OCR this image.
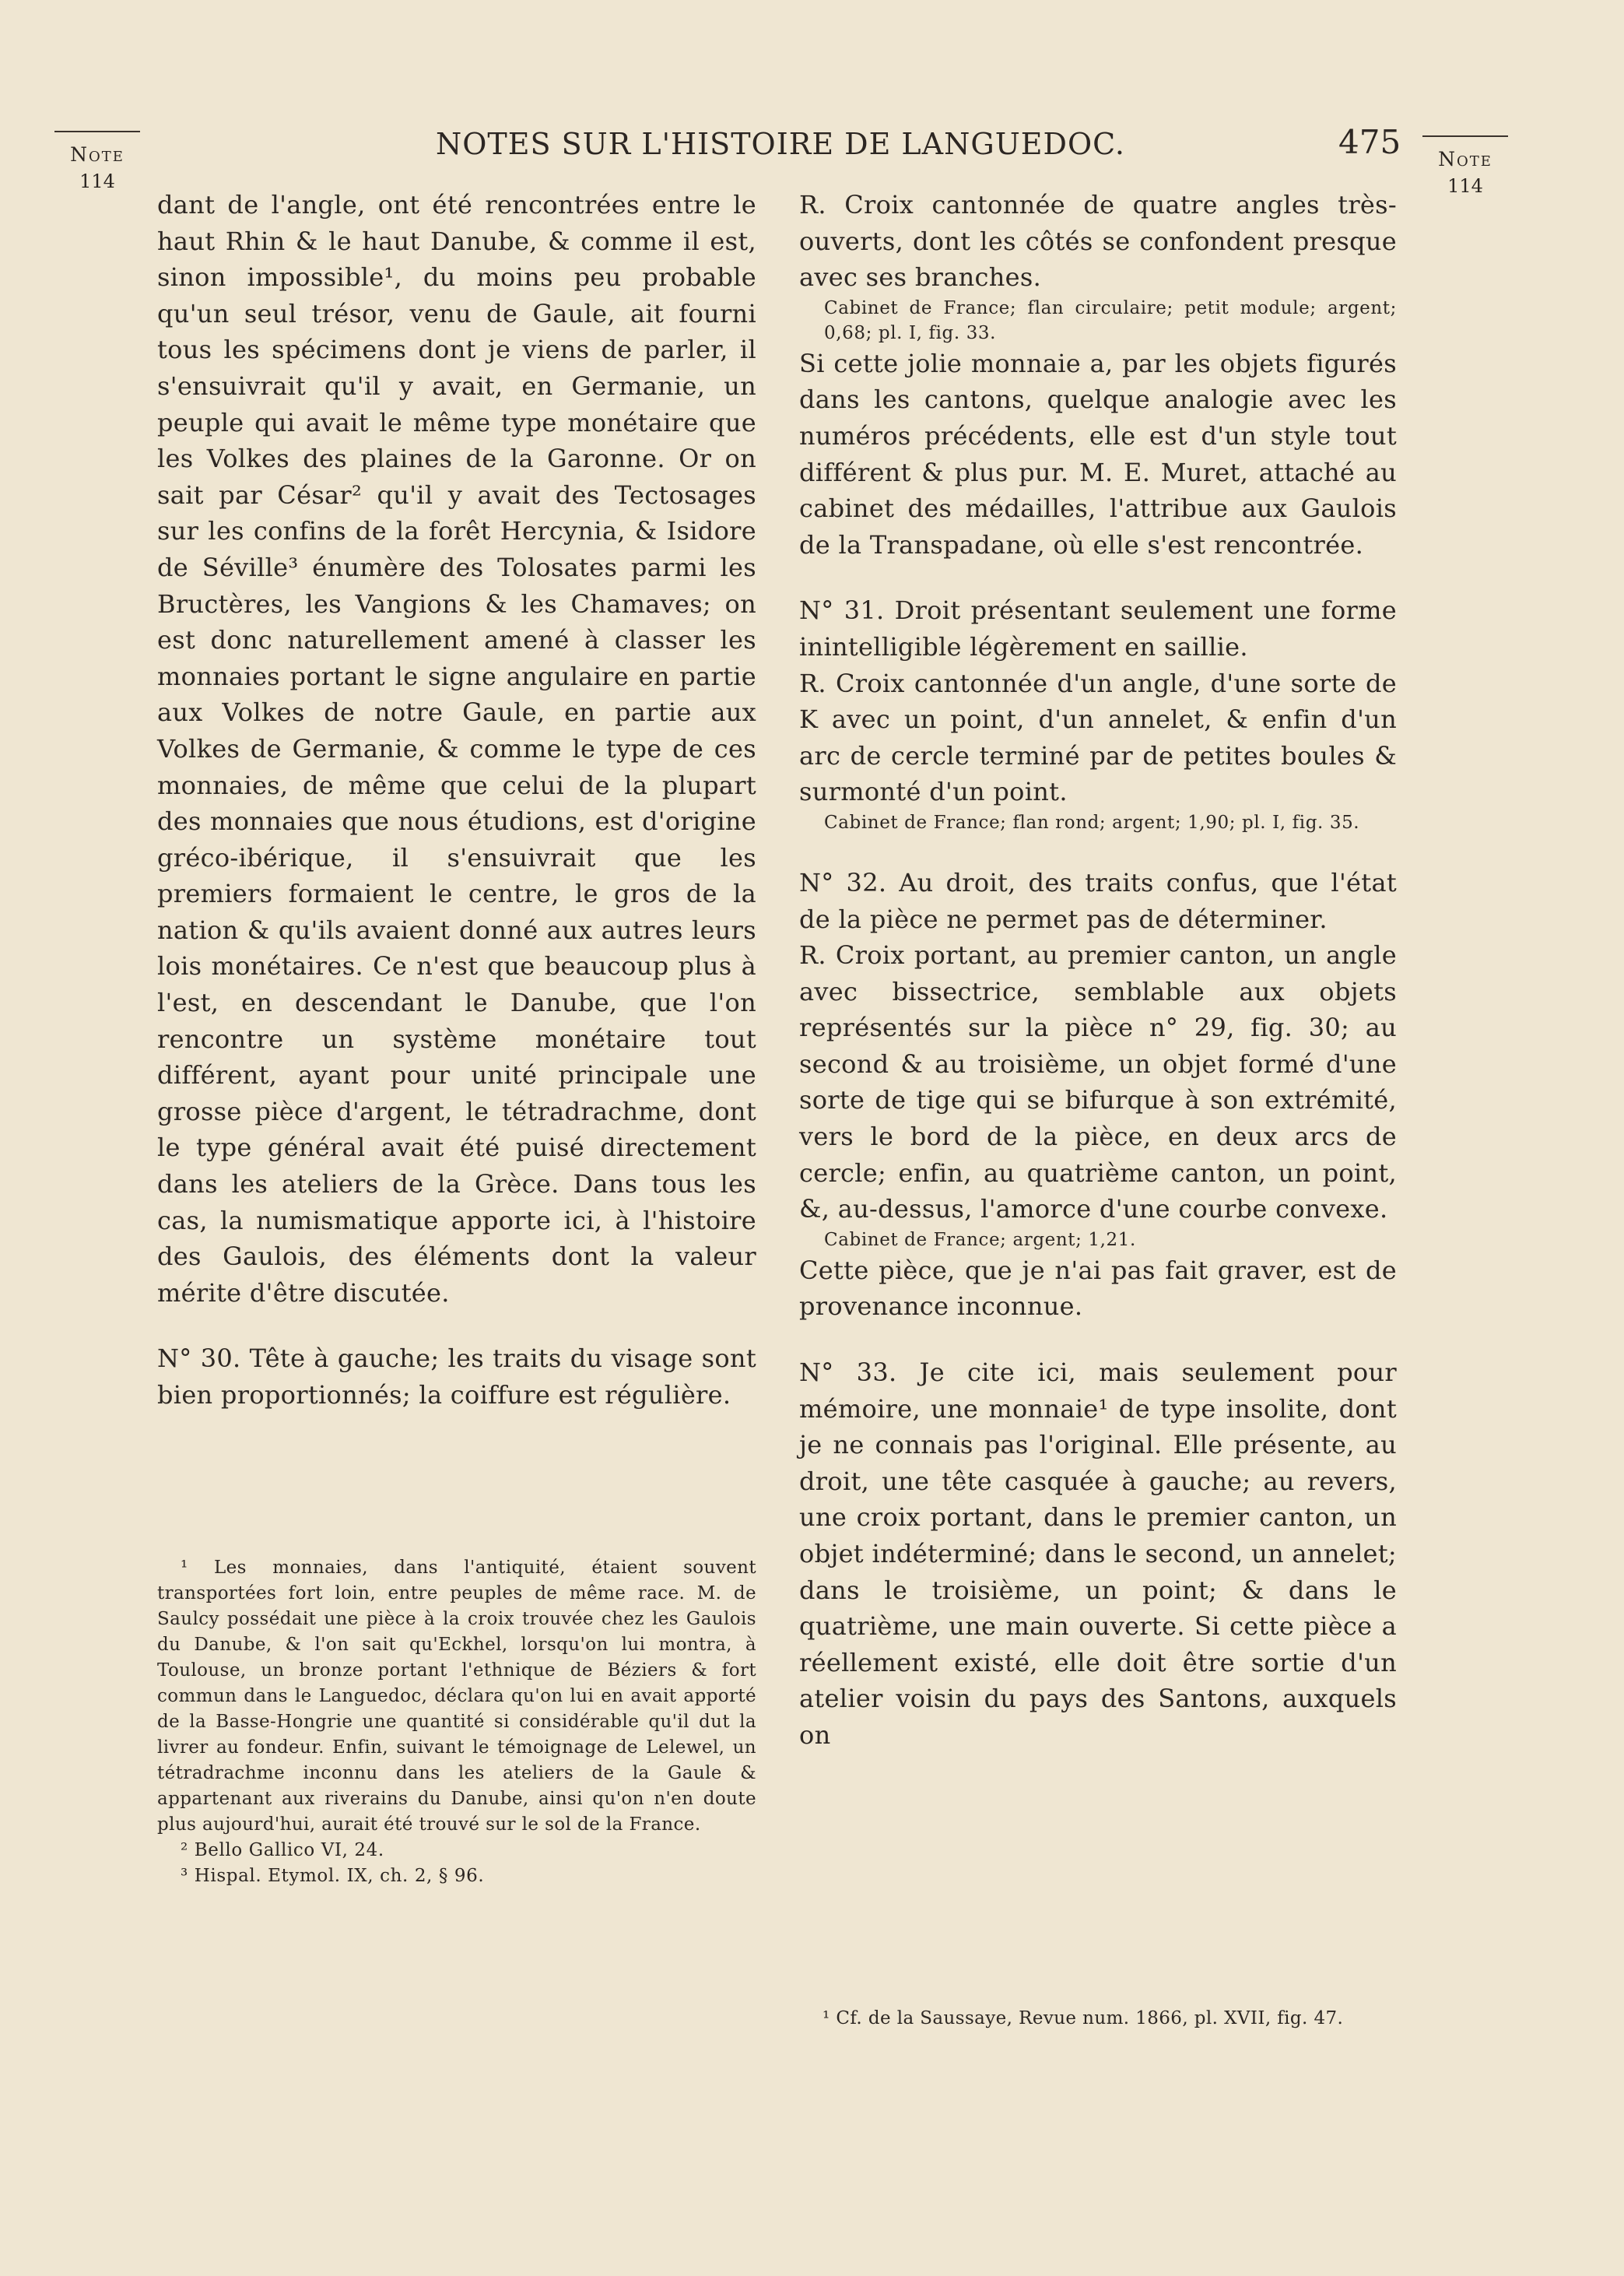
Note
114
NOTES SUR L'HISTOIRE DE LANGUEDOC.	475	Note
114

dant de l'angle, ont été rencontrées entre le haut Rhin & le haut Danube, & comme il est, sinon impossible¹, du moins peu probable qu'un seul trésor, venu de Gaule, ait fourni tous les spécimens dont je viens de parler, il s'ensuivrait qu'il y avait, en Germanie, un peuple qui avait le même type monétaire que les Volkes des plaines de la Garonne. Or on sait par César² qu'il y avait des Tectosages sur les confins de la forêt Hercynia, & Isidore de Séville³ énumère des Tolosates parmi les Bructères, les Vangions & les Chamaves; on est donc naturellement amené à classer les monnaies portant le signe angulaire en partie aux Volkes de notre Gaule, en partie aux Volkes de Germanie, & comme le type de ces monnaies, de même que celui de la plupart des monnaies que nous étudions, est d'origine gréco-ibérique, il s'ensuivrait que les premiers formaient le centre, le gros de la nation & qu'ils avaient donné aux autres leurs lois monétaires. Ce n'est que beaucoup plus à l'est, en descendant le Danube, que l'on rencontre un système monétaire tout différent, ayant pour unité principale une grosse pièce d'argent, le tétradrachme, dont le type général avait été puisé directement dans les ateliers de la Grèce. Dans tous les cas, la numismatique apporte ici, à l'histoire des Gaulois, des éléments dont la valeur mérite d'être discutée.

N° 30. Tête à gauche; les traits du visage sont bien proportionnés; la coiffure est régulière.

¹ Les monnaies, dans l'antiquité, étaient souvent transportées fort loin, entre peuples de même race. M. de Saulcy possédait une pièce à la croix trouvée chez les Gaulois du Danube, & l'on sait qu'Eckhel, lorsqu'on lui montra, à Toulouse, un bronze portant l'ethnique de Béziers & fort commun dans le Languedoc, déclara qu'on lui en avait apporté de la Basse-Hongrie une quantité si considérable qu'il dut la livrer au fondeur. Enfin, suivant le témoignage de Lelewel, un tétradrachme inconnu dans les ateliers de la Gaule & appartenant aux riverains du Danube, ainsi qu'on n'en doute plus aujourd'hui, aurait été trouvé sur le sol de la France.

² Bello Gallico VI, 24.

³ Hispal. Etymol. IX, ch. 2, § 96.

R. Croix cantonnée de quatre angles très-ouverts, dont les côtés se confondent presque avec ses branches.

Cabinet de France; flan circulaire; petit module; argent; 0,68; pl. I, fig. 33.

Si cette jolie monnaie a, par les objets figurés dans les cantons, quelque analogie avec les numéros précédents, elle est d'un style tout différent & plus pur. M. E. Muret, attaché au cabinet des médailles, l'attribue aux Gaulois de la Transpadane, où elle s'est rencontrée.

N° 31. Droit présentant seulement une forme inintelligible légèrement en saillie.

R. Croix cantonnée d'un angle, d'une sorte de K avec un point, d'un annelet, & enfin d'un arc de cercle terminé par de petites boules & surmonté d'un point.

Cabinet de France; flan rond; argent; 1,90; pl. I, fig. 35.

N° 32. Au droit, des traits confus, que l'état de la pièce ne permet pas de déterminer.

R. Croix portant, au premier canton, un angle avec bissectrice, semblable aux objets représentés sur la pièce n° 29, fig. 30; au second & au troisième, un objet formé d'une sorte de tige qui se bifurque à son extrémité, vers le bord de la pièce, en deux arcs de cercle; enfin, au quatrième canton, un point, &, au-dessus, l'amorce d'une courbe convexe.

Cabinet de France; argent; 1,21.

Cette pièce, que je n'ai pas fait graver, est de provenance inconnue.

N° 33. Je cite ici, mais seulement pour mémoire, une monnaie¹ de type insolite, dont je ne connais pas l'original. Elle présente, au droit, une tête casquée à gauche; au revers, une croix portant, dans le premier canton, un objet indéterminé; dans le second, un annelet; dans le troisième, un point; & dans le quatrième, une main ouverte. Si cette pièce a réellement existé, elle doit être sortie d'un atelier voisin du pays des Santons, auxquels on

¹ Cf. de la Saussaye, Revue num. 1866, pl. XVII, fig. 47.
